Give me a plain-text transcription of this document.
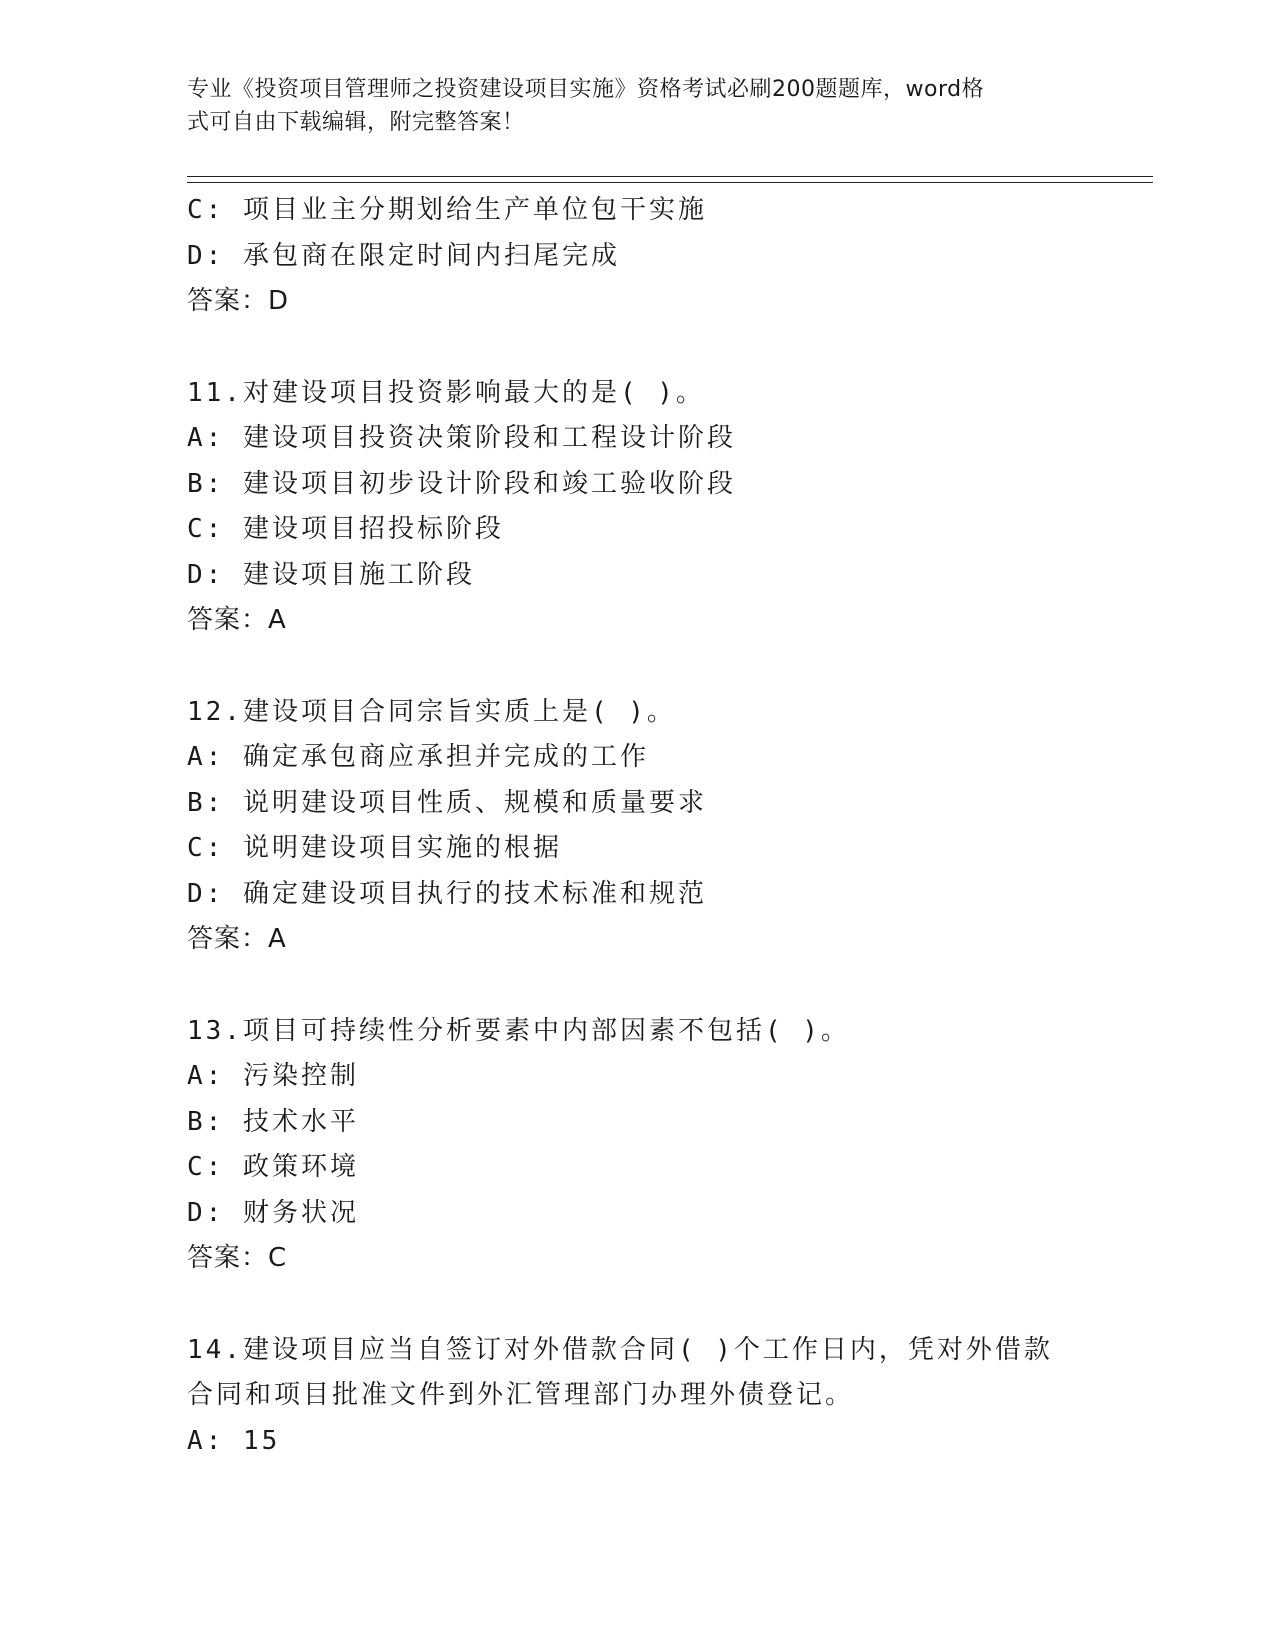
专业《投资项目管理师之投资建设项目实施》资格考试必刷200题题库，word格
式可自由下载编辑，附完整答案！
C: 项目业主分期划给生产单位包干实施
D: 承包商在限定时间内扫尾完成
答案：D
11.对建设项目投资影响最大的是( )。
A: 建设项目投资决策阶段和工程设计阶段
B: 建设项目初步设计阶段和竣工验收阶段
C: 建设项目招投标阶段
D: 建设项目施工阶段
答案：A
12.建设项目合同宗旨实质上是( )。
A: 确定承包商应承担并完成的工作
B: 说明建设项目性质、规模和质量要求
C: 说明建设项目实施的根据
D: 确定建设项目执行的技术标准和规范
答案：A
13.项目可持续性分析要素中内部因素不包括( )。
A: 污染控制
B: 技术水平
C: 政策环境
D: 财务状况
答案：C
14.建设项目应当自签订对外借款合同( )个工作日内，凭对外借款
合同和项目批准文件到外汇管理部门办理外债登记。
A: 15
